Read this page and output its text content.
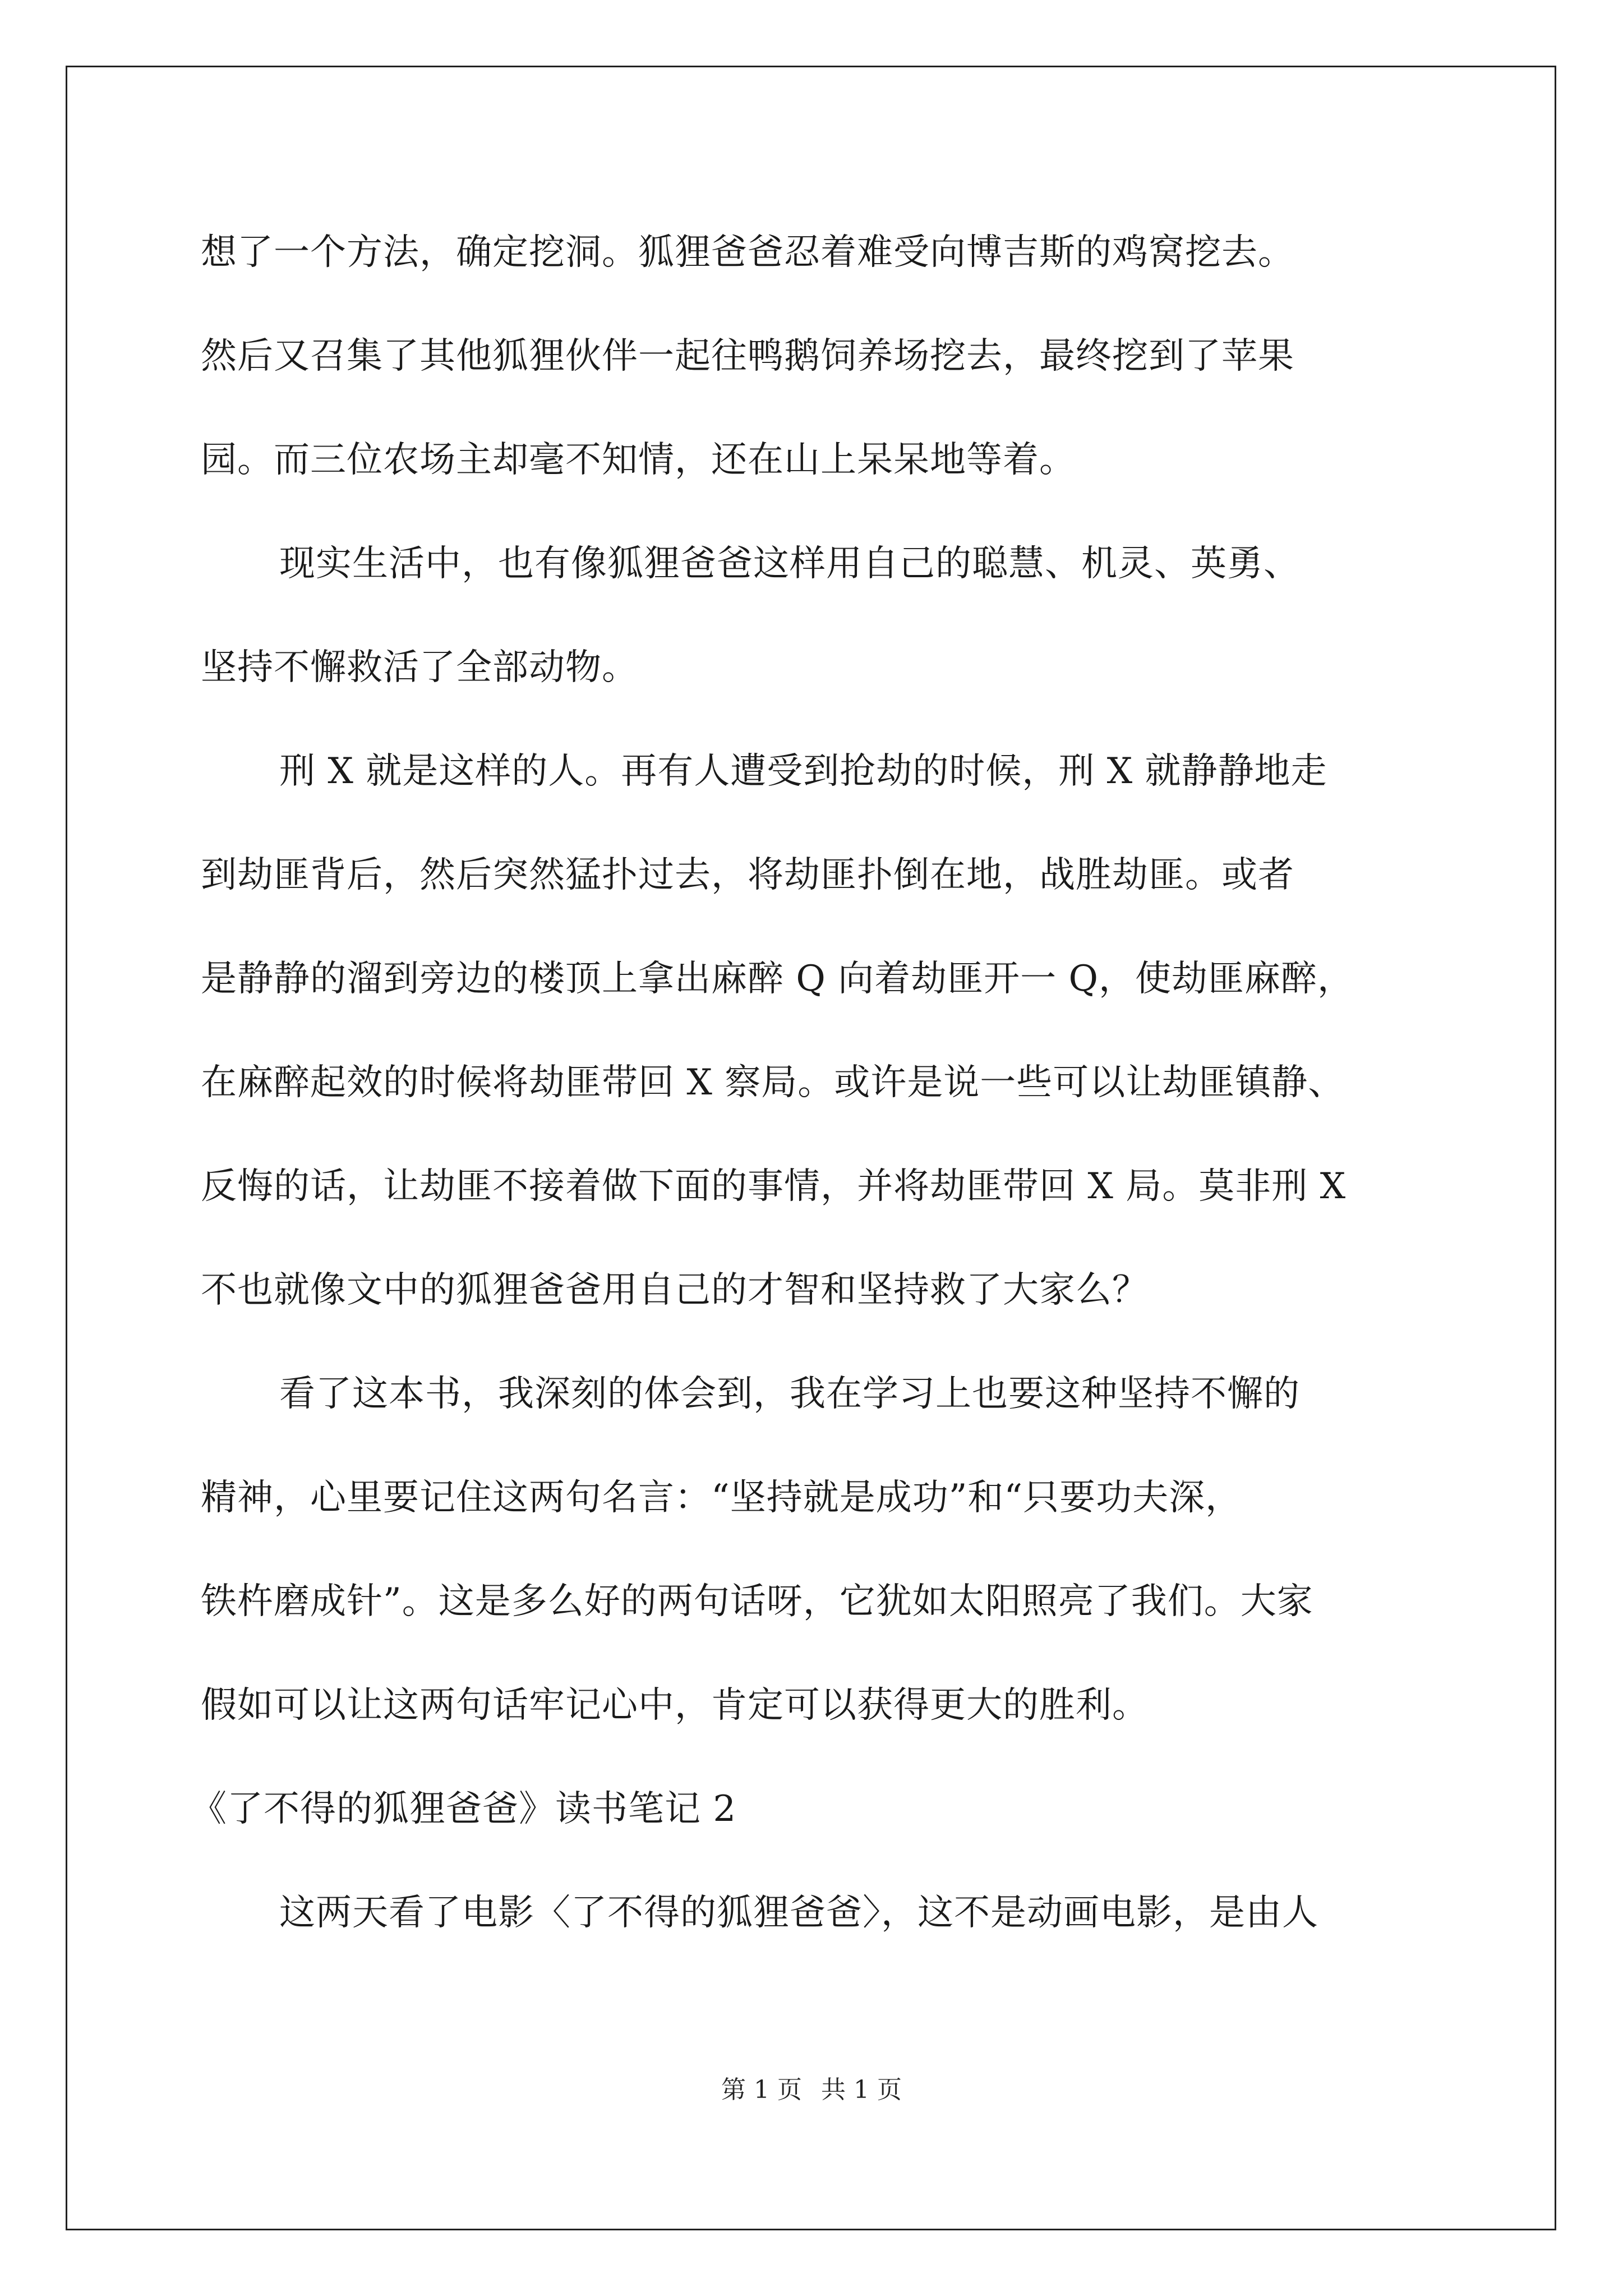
想了一个方法，确定挖洞。狐狸爸爸忍着难受向博吉斯的鸡窝挖去。
然后又召集了其他狐狸伙伴一起往鸭鹅饲养场挖去，最终挖到了苹果
园。而三位农场主却毫不知情，还在山上呆呆地等着。
现实生活中，也有像狐狸爸爸这样用自己的聪慧、机灵、英勇、
坚持不懈救活了全部动物。
刑 X 就是这样的人。再有人遭受到抢劫的时候，刑 X 就静静地走
到劫匪背后，然后突然猛扑过去，将劫匪扑倒在地，战胜劫匪。或者
是静静的溜到旁边的楼顶上拿出麻醉 Q 向着劫匪开一 Q，使劫匪麻醉，
在麻醉起效的时候将劫匪带回 X 察局。或许是说一些可以让劫匪镇静、
反悔的话，让劫匪不接着做下面的事情，并将劫匪带回 X 局。莫非刑 X
不也就像文中的狐狸爸爸用自己的才智和坚持救了大家么？
看了这本书，我深刻的体会到，我在学习上也要这种坚持不懈的
精神，心里要记住这两句名言：“坚持就是成功”和“只要功夫深，
铁杵磨成针”。这是多么好的两句话呀，它犹如太阳照亮了我们。大家
假如可以让这两句话牢记心中，肯定可以获得更大的胜利。
《了不得的狐狸爸爸》读书笔记 2
这两天看了电影〈了不得的狐狸爸爸〉，这不是动画电影，是由人
第 1 页 共 1 页
